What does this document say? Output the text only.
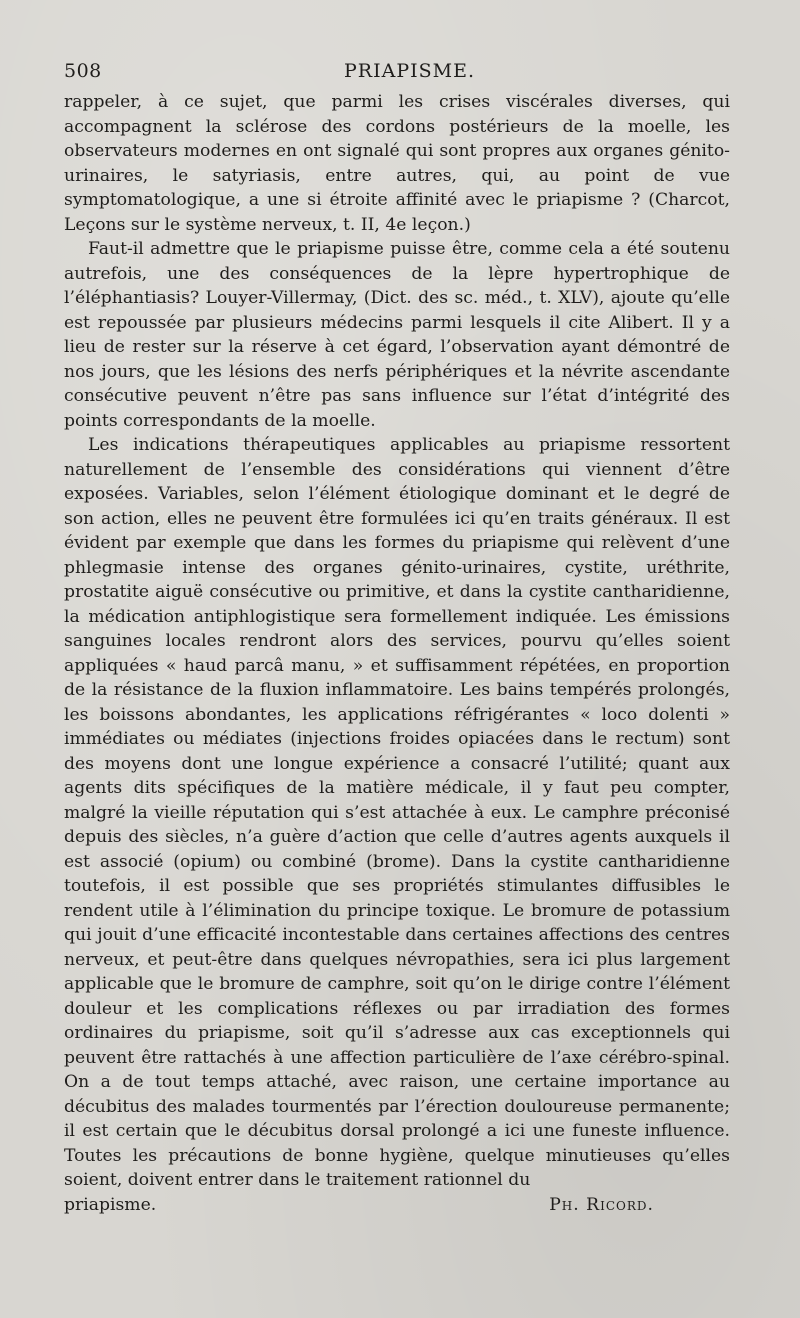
508	PRIAPISME.

rappeler, à ce sujet, que parmi les crises viscérales diverses, qui accompagnent la sclérose des cordons postérieurs de la moelle, les observateurs modernes en ont signalé qui sont propres aux organes génito-urinaires, le satyriasis, entre autres, qui, au point de vue symptomatologique, a une si étroite affinité avec le priapisme ? (Charcot, Leçons sur le système nerveux, t. II, 4e leçon.)

Faut-il admettre que le priapisme puisse être, comme cela a été soutenu autrefois, une des conséquences de la lèpre hypertrophique de l’éléphantiasis? Louyer-Villermay, (Dict. des sc. méd., t. XLV), ajoute qu’elle est repoussée par plusieurs médecins parmi lesquels il cite Alibert. Il y a lieu de rester sur la réserve à cet égard, l’observation ayant démontré de nos jours, que les lésions des nerfs périphériques et la névrite ascendante consécutive peuvent n’être pas sans influence sur l’état d’intégrité des points correspondants de la moelle.

Les indications thérapeutiques applicables au priapisme ressortent naturellement de l’ensemble des considérations qui viennent d’être exposées. Variables, selon l’élément étiologique dominant et le degré de son action, elles ne peuvent être formulées ici qu’en traits généraux. Il est évident par exemple que dans les formes du priapisme qui relèvent d’une phlegmasie intense des organes génito-urinaires, cystite, uréthrite, prostatite aiguë consécutive ou primitive, et dans la cystite cantharidienne, la médication antiphlogistique sera formellement indiquée. Les émissions sanguines locales rendront alors des services, pourvu qu’elles soient appliquées « haud parcâ manu, » et suffisamment répétées, en proportion de la résistance de la fluxion inflammatoire. Les bains tempérés prolongés, les boissons abondantes, les applications réfrigérantes « loco dolenti » immédiates ou médiates (injections froides opiacées dans le rectum) sont des moyens dont une longue expérience a consacré l’utilité; quant aux agents dits spécifiques de la matière médicale, il y faut peu compter, malgré la vieille réputation qui s’est attachée à eux. Le camphre préconisé depuis des siècles, n’a guère d’action que celle d’autres agents auxquels il est associé (opium) ou combiné (brome). Dans la cystite cantharidienne toutefois, il est possible que ses propriétés stimulantes diffusibles le rendent utile à l’élimination du principe toxique. Le bromure de potassium qui jouit d’une efficacité incontestable dans certaines affections des centres nerveux, et peut-être dans quelques névropathies, sera ici plus largement applicable que le bromure de camphre, soit qu’on le dirige contre l’élément douleur et les complications réflexes ou par irradiation des formes ordinaires du priapisme, soit qu’il s’adresse aux cas exceptionnels qui peuvent être rattachés à une affection particulière de l’axe cérébro-spinal. On a de tout temps attaché, avec raison, une certaine importance au décubitus des malades tourmentés par l’érection douloureuse permanente; il est certain que le décubitus dorsal prolongé a ici une funeste influence. Toutes les précautions de bonne hygiène, quelque minutieuses qu’elles soient, doivent entrer dans le traitement rationnel du

priapisme.	Ph. Ricord.
